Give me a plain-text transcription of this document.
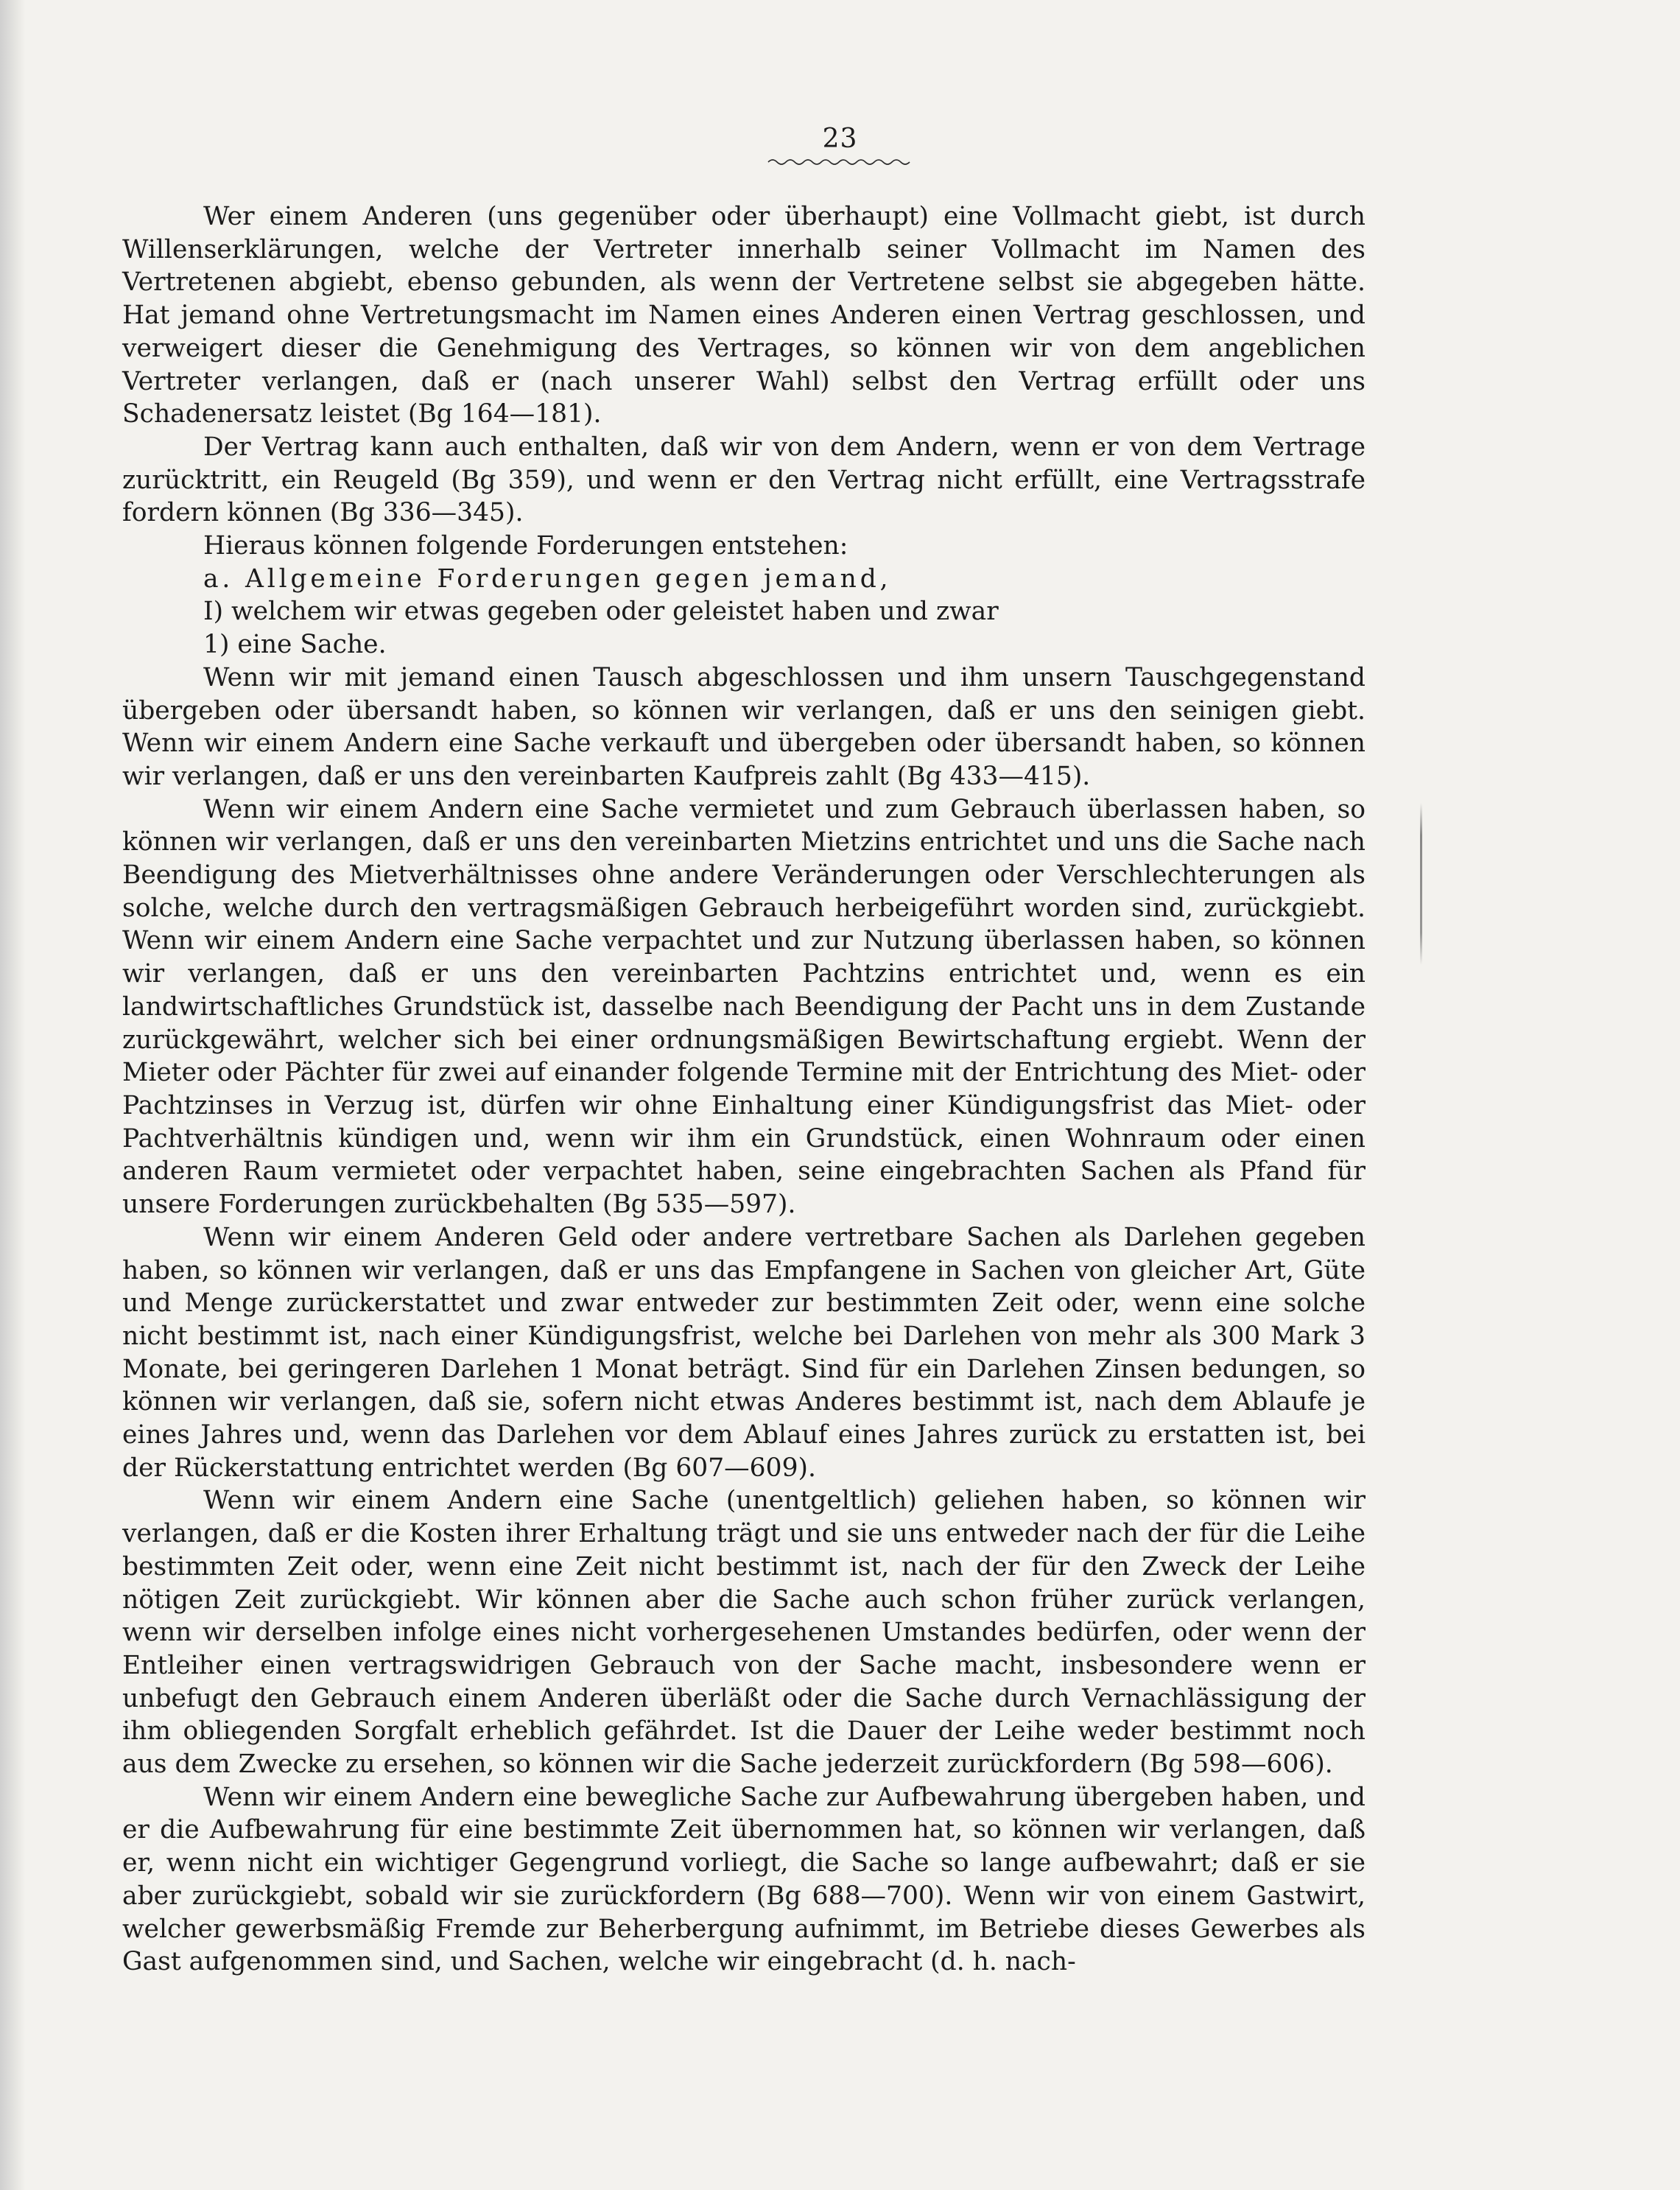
23

Wer einem Anderen (uns gegenüber oder überhaupt) eine Vollmacht giebt, ist durch Willenserklärungen, welche der Vertreter innerhalb seiner Vollmacht im Namen des Vertretenen abgiebt, ebenso gebunden, als wenn der Vertretene selbst sie abgegeben hätte. Hat jemand ohne Vertretungsmacht im Namen eines Anderen einen Vertrag geschlossen, und verweigert dieser die Genehmigung des Vertrages, so können wir von dem angeblichen Vertreter verlangen, daß er (nach unserer Wahl) selbst den Vertrag erfüllt oder uns Schadenersatz leistet (Bg 164—181).

Der Vertrag kann auch enthalten, daß wir von dem Andern, wenn er von dem Vertrage zurücktritt, ein Reugeld (Bg 359), und wenn er den Vertrag nicht erfüllt, eine Vertragsstrafe fordern können (Bg 336—345).

Hieraus können folgende Forderungen entstehen:

a. Allgemeine Forderungen gegen jemand,

I) welchem wir etwas gegeben oder geleistet haben und zwar

1) eine Sache.

Wenn wir mit jemand einen Tausch abgeschlossen und ihm unsern Tauschgegenstand übergeben oder übersandt haben, so können wir verlangen, daß er uns den seinigen giebt. Wenn wir einem Andern eine Sache verkauft und übergeben oder übersandt haben, so können wir verlangen, daß er uns den vereinbarten Kaufpreis zahlt (Bg 433—415).

Wenn wir einem Andern eine Sache vermietet und zum Gebrauch überlassen haben, so können wir verlangen, daß er uns den vereinbarten Mietzins entrichtet und uns die Sache nach Beendigung des Mietverhältnisses ohne andere Veränderungen oder Verschlechterungen als solche, welche durch den vertragsmäßigen Gebrauch herbeigeführt worden sind, zurückgiebt. Wenn wir einem Andern eine Sache verpachtet und zur Nutzung überlassen haben, so können wir verlangen, daß er uns den vereinbarten Pachtzins entrichtet und, wenn es ein landwirtschaftliches Grundstück ist, dasselbe nach Beendigung der Pacht uns in dem Zustande zurückgewährt, welcher sich bei einer ordnungsmäßigen Bewirtschaftung ergiebt. Wenn der Mieter oder Pächter für zwei auf einander folgende Termine mit der Entrichtung des Miet- oder Pachtzinses in Verzug ist, dürfen wir ohne Einhaltung einer Kündigungsfrist das Miet- oder Pachtverhältnis kündigen und, wenn wir ihm ein Grundstück, einen Wohnraum oder einen anderen Raum vermietet oder verpachtet haben, seine eingebrachten Sachen als Pfand für unsere Forderungen zurückbehalten (Bg 535—597).

Wenn wir einem Anderen Geld oder andere vertretbare Sachen als Darlehen gegeben haben, so können wir verlangen, daß er uns das Empfangene in Sachen von gleicher Art, Güte und Menge zurückerstattet und zwar entweder zur bestimmten Zeit oder, wenn eine solche nicht bestimmt ist, nach einer Kündigungsfrist, welche bei Darlehen von mehr als 300 Mark 3 Monate, bei geringeren Darlehen 1 Monat beträgt. Sind für ein Darlehen Zinsen bedungen, so können wir verlangen, daß sie, sofern nicht etwas Anderes bestimmt ist, nach dem Ablaufe je eines Jahres und, wenn das Darlehen vor dem Ablauf eines Jahres zurück zu erstatten ist, bei der Rückerstattung entrichtet werden (Bg 607—609).

Wenn wir einem Andern eine Sache (unentgeltlich) geliehen haben, so können wir verlangen, daß er die Kosten ihrer Erhaltung trägt und sie uns entweder nach der für die Leihe bestimmten Zeit oder, wenn eine Zeit nicht bestimmt ist, nach der für den Zweck der Leihe nötigen Zeit zurückgiebt. Wir können aber die Sache auch schon früher zurück verlangen, wenn wir derselben infolge eines nicht vorhergesehenen Umstandes bedürfen, oder wenn der Entleiher einen vertragswidrigen Gebrauch von der Sache macht, insbesondere wenn er unbefugt den Gebrauch einem Anderen überläßt oder die Sache durch Vernachlässigung der ihm obliegenden Sorgfalt erheblich gefährdet. Ist die Dauer der Leihe weder bestimmt noch aus dem Zwecke zu ersehen, so können wir die Sache jederzeit zurückfordern (Bg 598—606).

Wenn wir einem Andern eine bewegliche Sache zur Aufbewahrung übergeben haben, und er die Aufbewahrung für eine bestimmte Zeit übernommen hat, so können wir verlangen, daß er, wenn nicht ein wichtiger Gegengrund vorliegt, die Sache so lange aufbewahrt; daß er sie aber zurückgiebt, sobald wir sie zurückfordern (Bg 688—700). Wenn wir von einem Gastwirt, welcher gewerbsmäßig Fremde zur Beherbergung aufnimmt, im Betriebe dieses Gewerbes als Gast aufgenommen sind, und Sachen, welche wir eingebracht (d. h. nach-
